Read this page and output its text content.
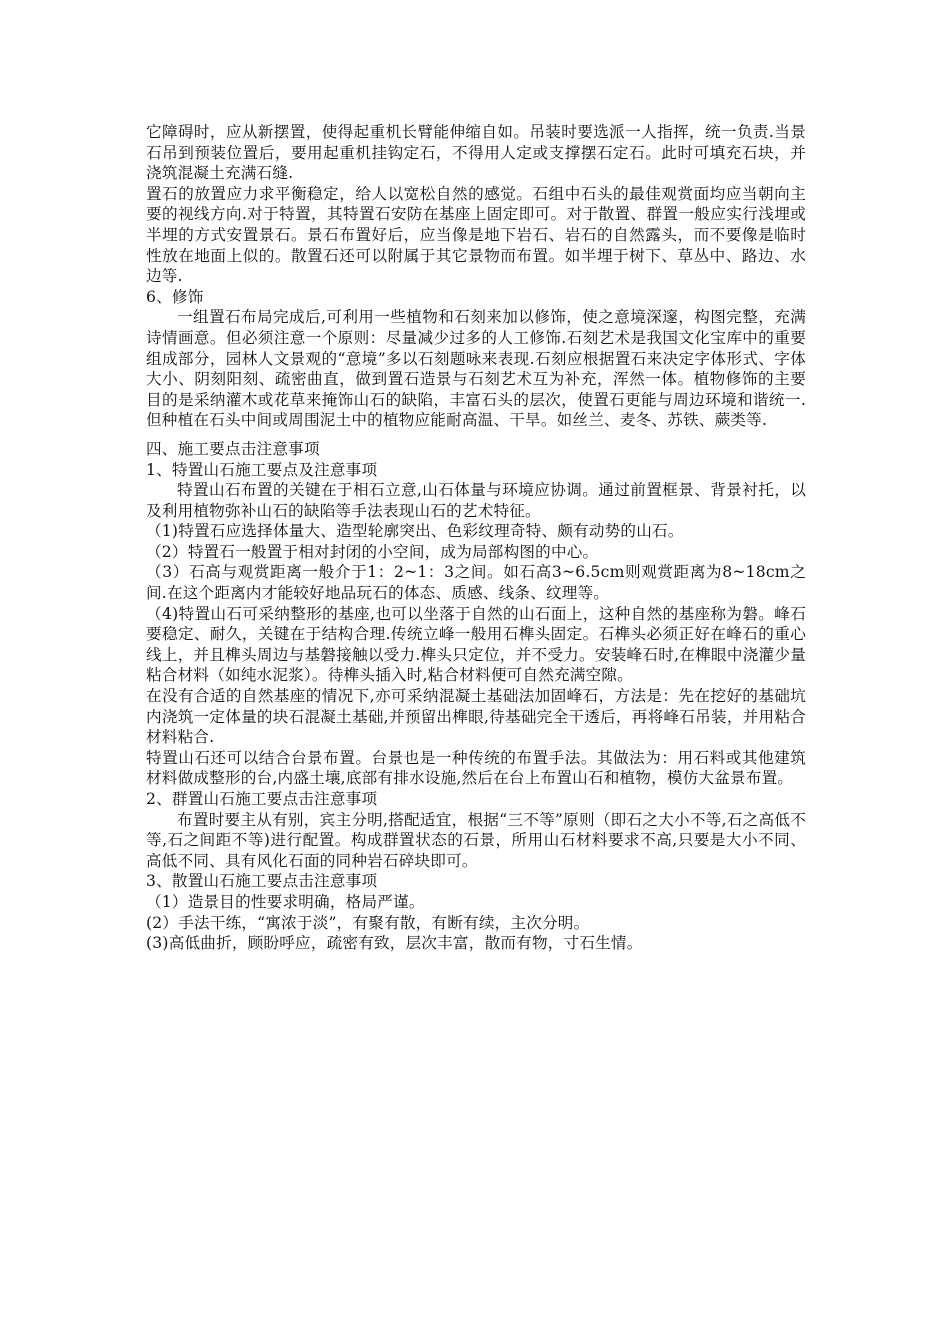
它障碍时，应从新摆置，使得起重机长臂能伸缩自如。吊装时要选派一人指挥，统一负责.当景石吊到预装位置后，要用起重机挂钩定石，不得用人定或支撑摆石定石。此时可填充石块，并浇筑混凝土充满石缝.

置石的放置应力求平衡稳定，给人以宽松自然的感觉。石组中石头的最佳观赏面均应当朝向主要的视线方向.对于特置，其特置石安防在基座上固定即可。对于散置、群置一般应实行浅埋或半埋的方式安置景石。景石布置好后，应当像是地下岩石、岩石的自然露头，而不要像是临时性放在地面上似的。散置石还可以附属于其它景物而布置。如半埋于树下、草丛中、路边、水边等.

6、修饰

一组置石布局完成后,可利用一些植物和石刻来加以修饰，使之意境深邃，构图完整，充满诗情画意。但必须注意一个原则：尽量减少过多的人工修饰.石刻艺术是我国文化宝库中的重要组成部分，园林人文景观的“意境”多以石刻题咏来表现.石刻应根据置石来决定字体形式、字体大小、阴刻阳刻、疏密曲直，做到置石造景与石刻艺术互为补充，浑然一体。植物修饰的主要目的是采纳灌木或花草来掩饰山石的缺陷，丰富石头的层次，使置石更能与周边环境和谐统一.但种植在石头中间或周围泥土中的植物应能耐高温、干旱。如丝兰、麦冬、苏铁、蕨类等.

四、施工要点击注意事项

1、特置山石施工要点及注意事项

特置山石布置的关键在于相石立意,山石体量与环境应协调。通过前置框景、背景衬托，以及利用植物弥补山石的缺陷等手法表现山石的艺术特征。

（1)特置石应选择体量大、造型轮廓突出、色彩纹理奇特、颇有动势的山石。

（2）特置石一般置于相对封闭的小空间，成为局部构图的中心。

（3）石高与观赏距离一般介于1：2~1：3之间。如石高3~6.5cm则观赏距离为8~18cm之间.在这个距离内才能较好地品玩石的体态、质感、线条、纹理等。

（4)特置山石可采纳整形的基座,也可以坐落于自然的山石面上，这种自然的基座称为磐。峰石要稳定、耐久，关键在于结构合理.传统立峰一般用石榫头固定。石榫头必须正好在峰石的重心线上，并且榫头周边与基磐接触以受力.榫头只定位，并不受力。安装峰石时,在榫眼中浇灌少量粘合材料（如纯水泥浆）。待榫头插入时,粘合材料便可自然充满空隙。

在没有合适的自然基座的情况下,亦可采纳混凝土基础法加固峰石，方法是：先在挖好的基础坑内浇筑一定体量的块石混凝土基础,并预留出榫眼,待基础完全干透后，再将峰石吊装，并用粘合材料粘合.

特置山石还可以结合台景布置。台景也是一种传统的布置手法。其做法为：用石料或其他建筑材料做成整形的台,内盛土壤,底部有排水设施,然后在台上布置山石和植物，模仿大盆景布置。

2、群置山石施工要点击注意事项

布置时要主从有别，宾主分明,搭配适宜，根据“三不等”原则（即石之大小不等,石之高低不等,石之间距不等)进行配置。构成群置状态的石景，所用山石材料要求不高,只要是大小不同、高低不同、具有风化石面的同种岩石碎块即可。

3、散置山石施工要点击注意事项

（1）造景目的性要求明确，格局严谨。

(2）手法干练，“寓浓于淡”，有聚有散，有断有续，主次分明。

(3)高低曲折，顾盼呼应，疏密有致，层次丰富，散而有物，寸石生情。
